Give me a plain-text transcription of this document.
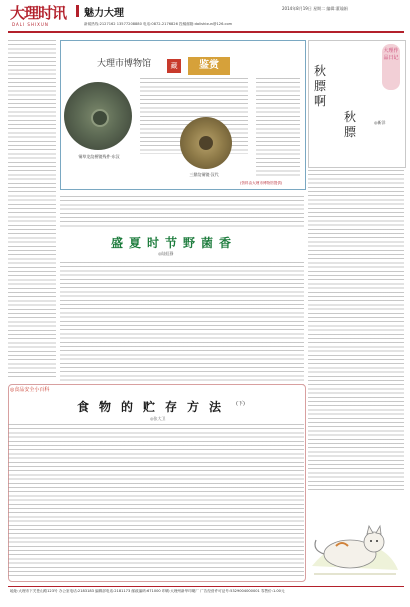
大理时讯
DALI SHIXUN
魅力大理	2014年8月19日 星期二 编辑:董瑜娟
新闻热线:2127162 13577208880 电话:0872-2176826 投稿邮箱:dalishixun@126.com
大理市博物馆	藏	鉴赏
铜草龙纹柄镜残件·东汉
三鼎纹铜镜·汉代
(资料由大理市博物馆提供)
大理作品日记
秋膘啊
秋膘
◎新洋
盛夏时节野菌香
◎陆虹静
◎食品安全小百科
食物的贮存方法	(下)
◎张大卫
地址:大理市下关苍山路123号 办公室电话:2183183 编辑部电话:2181173 邮政编码:671000 印刷:大理州新华印刷厂 广告经营许可证号:5329004000001 零售价:1.00元
